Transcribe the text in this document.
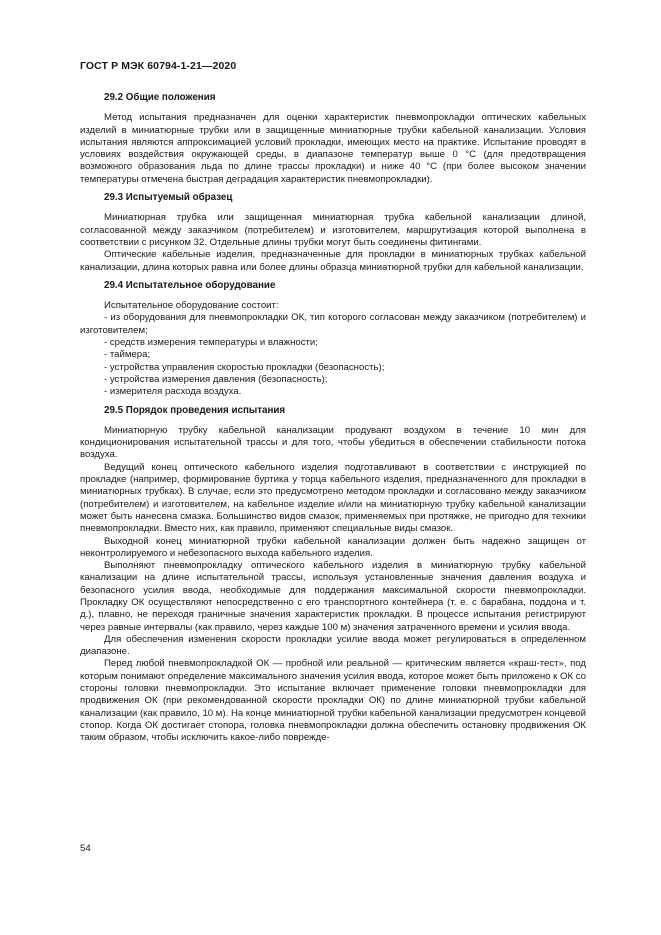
ГОСТ Р МЭК 60794-1-21—2020
29.2 Общие положения

Метод испытания предназначен для оценки характеристик пневмопрокладки оптических кабельных изделий в миниатюрные трубки или в защищенные миниатюрные трубки кабельной канализации. Условия испытания являются аппроксимацией условий прокладки, имеющих место на практике. Испытание проводят в условиях воздействия окружающей среды, в диапазоне температур выше 0 °С (для предотвращения возможного образования льда по длине трассы прокладки) и ниже 40 °С (при более высоком значении температуры отмечена быстрая деградация характеристик пневмопрокладки).

29.3 Испытуемый образец

Миниатюрная трубка или защищенная миниатюрная трубка кабельной канализации длиной, согласованной между заказчиком (потребителем) и изготовителем, маршрутизация которой выполнена в соответствии с рисунком 32. Отдельные длины трубки могут быть соединены фитингами.

Оптические кабельные изделия, предназначенные для прокладки в миниатюрных трубках кабельной канализации, длина которых равна или более длины образца миниатюрной трубки для кабельной канализации.

29.4 Испытательное оборудование

Испытательное оборудование состоит:

- из оборудования для пневмопрокладки ОК, тип которого согласован между заказчиком (потребителем) и изготовителем;

- средств измерения температуры и влажности;
- таймера;
- устройства управления скоростью прокладки (безопасность);
- устройства измерения давления (безопасность);
- измерителя расхода воздуха.
29.5 Порядок проведения испытания

Миниатюрную трубку кабельной канализации продувают воздухом в течение 10 мин для кондиционирования испытательной трассы и для того, чтобы убедиться в обеспечении стабильности потока воздуха.

Ведущий конец оптического кабельного изделия подготавливают в соответствии с инструкцией по прокладке (например, формирование буртика у торца кабельного изделия, предназначенного для прокладки в миниатюрных трубках). В случае, если это предусмотрено методом прокладки и согласовано между заказчиком (потребителем) и изготовителем, на кабельное изделие и/или на миниатюрную трубку кабельной канализации может быть нанесена смазка. Большинство видов смазок, применяемых при протяжке, не пригодно для техники пневмопрокладки. Вместо них, как правило, применяют специальные виды смазок.

Выходной конец миниатюрной трубки кабельной канализации должен быть надежно защищен от неконтролируемого и небезопасного выхода кабельного изделия.

Выполняют пневмопрокладку оптического кабельного изделия в миниатюрную трубку кабельной канализации на длине испытательной трассы, используя установленные значения давления воздуха и безопасного усилия ввода, необходимые для поддержания максимальной скорости пневмопрокладки. Прокладку ОК осуществляют непосредственно с его транспортного контейнера (т. е. с барабана, поддона и т. д.), плавно, не переходя граничные значения характеристик прокладки. В процессе испытания регистрируют через равные интервалы (как правило, через каждые 100 м) значения затраченного времени и усилия ввода.

Для обеспечения изменения скорости прокладки усилие ввода может регулироваться в определенном диапазоне.

Перед любой пневмопрокладкой ОК — пробной или реальной — критическим является «краш-тест», под которым понимают определение максимального значения усилия ввода, которое может быть приложено к ОК со стороны головки пневмопрокладки. Это испытание включает применение головки пневмопрокладки для продвижения ОК (при рекомендованной скорости прокладки ОК) по длине миниатюрной трубки кабельной канализации (как правило, 10 м). На конце миниатюрной трубки кабельной канализации предусмотрен концевой стопор. Когда ОК достигает стопора, головка пневмопрокладки должна обеспечить остановку продвижения ОК таким образом, чтобы исключить какое-либо поврежде-

54
